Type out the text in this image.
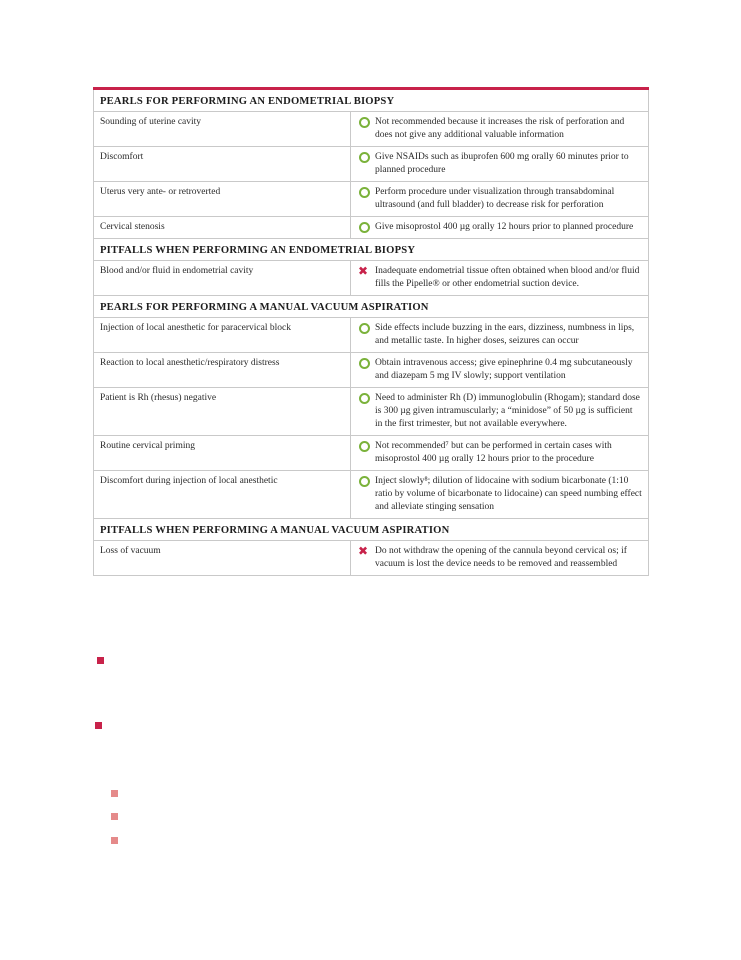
PEARLS FOR PERFORMING AN ENDOMETRIAL BIOPSY	
Sounding of uterine cavity	Not recommended because it increases the risk of perforation and does not give any additional valuable information
Discomfort	Give NSAIDs such as ibuprofen 600 mg orally 60 minutes prior to planned procedure
Uterus very ante- or retroverted	Perform procedure under visualization through transabdominal ultrasound (and full bladder) to decrease risk for perforation
Cervical stenosis	Give misoprostol 400 µg orally 12 hours prior to planned procedure
PITFALLS WHEN PERFORMING AN ENDOMETRIAL BIOPSY	
Blood and/or fluid in endometrial cavity	✖ Inadequate endometrial tissue often obtained when blood and/or fluid fills the Pipelle® or other endometrial suction device.
PEARLS FOR PERFORMING A MANUAL VACUUM ASPIRATION	
Injection of local anesthetic for paracervical block	Side effects include buzzing in the ears, dizziness, numbness in lips, and metallic taste. In higher doses, seizures can occur
Reaction to local anesthetic/respiratory distress	Obtain intravenous access; give epinephrine 0.4 mg subcutaneously and diazepam 5 mg IV slowly; support ventilation
Patient is Rh (rhesus) negative	Need to administer Rh (D) immunoglobulin (Rhogam); standard dose is 300 µg given intramuscularly; a “minidose” of 50 µg is sufficient in the first trimester, but not available everywhere.
Routine cervical priming	Not recommended⁷ but can be performed in certain cases with misoprostol 400 µg orally 12 hours prior to the procedure
Discomfort during injection of local anesthetic	Inject slowly⁸; dilution of lidocaine with sodium bicarbonate (1:10 ratio by volume of bicarbonate to lidocaine) can speed numbing effect and alleviate stinging sensation
PITFALLS WHEN PERFORMING A MANUAL VACUUM ASPIRATION	
Loss of vacuum	✖ Do not withdraw the opening of the cannula beyond cervical os; if vacuum is lost the device needs to be removed and reassembled
